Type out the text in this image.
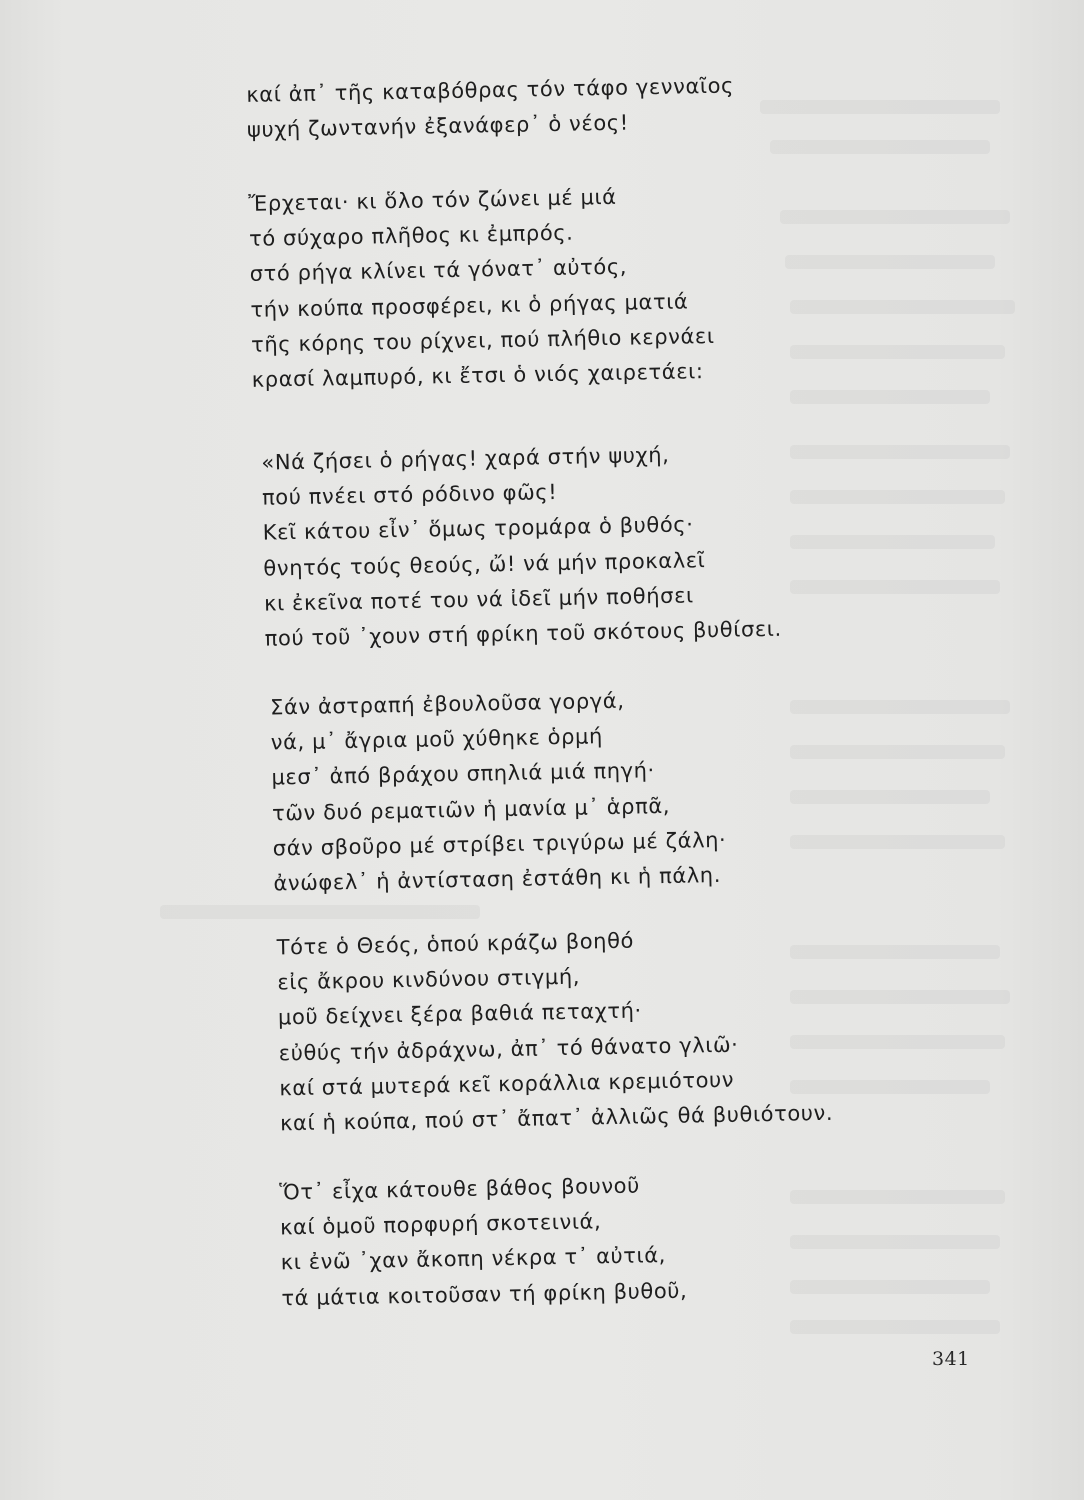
καί ἀπ᾽ τῆς καταβόθρας τόν τάφο γενναῖος
ψυχή ζωντανήν ἐξανάφερ᾽ ὁ νέος!
Ἔρχεται· κι ὅλο τόν ζώνει μέ μιά
τό σύχαρο πλῆθος κι ἐμπρός.
στό ρήγα κλίνει τά γόνατ᾽ αὐτός,
τήν κούπα προσφέρει, κι ὁ ρήγας ματιά
τῆς κόρης του ρίχνει, πού πλήθιο κερνάει
κρασί λαμπυρό, κι ἔτσι ὁ νιός χαιρετάει:
«Νά ζήσει ὁ ρήγας! χαρά στήν ψυχή,
πού πνέει στό ρόδινο φῶς!
Κεῖ κάτου εἶν᾽ ὅμως τρομάρα ὁ βυθός·
θνητός τούς θεούς, ὤ! νά μήν προκαλεῖ
κι ἐκεῖνα ποτέ του νά ἰδεῖ μήν ποθήσει
πού τοῦ ᾽χουν στή φρίκη τοῦ σκότους βυθίσει.
Σάν ἀστραπή ἐβουλοῦσα γοργά,
νά, μ᾽ ἄγρια μοῦ χύθηκε ὁρμή
μεσ᾽ ἀπό βράχου σπηλιά μιά πηγή·
τῶν δυό ρεματιῶν ἡ μανία μ᾽ ἁρπᾶ,
σάν σβοῦρο μέ στρίβει τριγύρω μέ ζάλη·
ἀνώφελ᾽ ἡ ἀντίσταση ἐστάθη κι ἡ πάλη.
Τότε ὁ Θεός, ὁπού κράζω βοηθό
εἰς ἄκρου κινδύνου στιγμή,
μοῦ δείχνει ξέρα βαθιά πεταχτή·
εὐθύς τήν ἀδράχνω, ἀπ᾽ τό θάνατο γλιῶ·
καί στά μυτερά κεῖ κοράλλια κρεμιότουν
καί ἡ κούπα, πού στ᾽ ἄπατ᾽ ἀλλιῶς θά βυθιότουν.
Ὅτ᾽ εἶχα κάτουθε βάθος βουνοῦ
καί ὁμοῦ πορφυρή σκοτεινιά,
κι ἐνῶ ᾽χαν ἄκοπη νέκρα τ᾽ αὐτιά,
τά μάτια κοιτοῦσαν τή φρίκη βυθοῦ,
341
